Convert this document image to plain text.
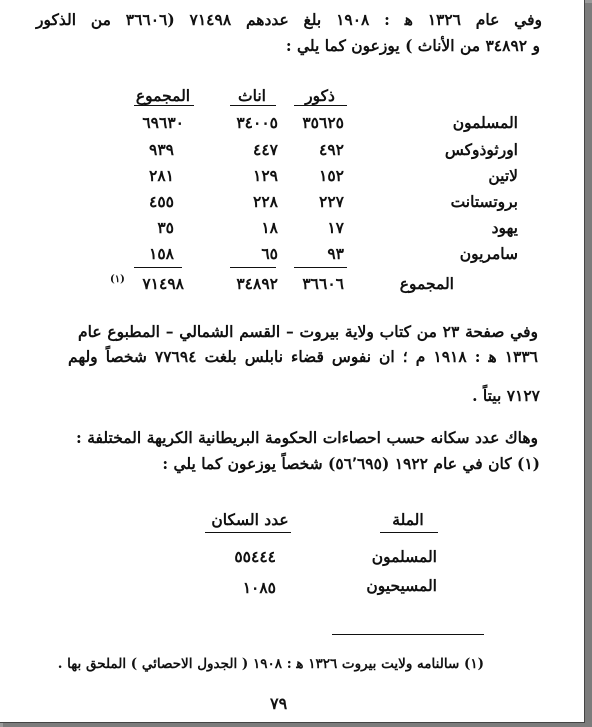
وفي عام ١٣٢٦ ﻫ : ١٩٠٨ بلغ عددهم ٧١٤٩٨ (٣٦٦٠٦ من الذكور
و ٣٤٨٩٢ من الأناث ) يوزعون كما يلي :
ذكور
اناث
المجموع
المسلمون
٣٥٦٢٥
٣٤٠٠٥
٦٩٦٣٠
اورثوذوكس
٤٩٢
٤٤٧
٩٣٩
لاتين
١٥٢
١٢٩
٢٨١
بروتستانت
٢٢٧
٢٢٨
٤٥٥
يهود
١٧
١٨
٣٥
سامريون
٩٣
٦٥
١٥٨
المجموع
٣٦٦٠٦
٣٤٨٩٢
٧١٤٩٨
(١)
وفي صفحة ٢٣ من كتاب ولاية بيروت – القسم الشمالي – المطبوع عام
١٣٣٦ ﻫ : ١٩١٨ م ؛ ان نفوس قضاء نابلس بلغت ٧٧٦٩٤ شخصاً ولهم
٧١٢٧ بيتاً .
وهاك عدد سكانه حسب احصاءات الحكومة البريطانية الكريهة المختلفة :
(١) كان في عام ١٩٢٢ (٥٦٬٦٩٥) شخصاً يوزعون كما يلي :
الملة
عدد السكان
المسلمون
٥٥٤٤٤
المسيحيون
١٠٨٥
(١) سالنامه ولايت بيروت ١٣٢٦ ﻫ : ١٩٠٨ ( الجدول الاحصائي ) الملحق بها .
٧٩
